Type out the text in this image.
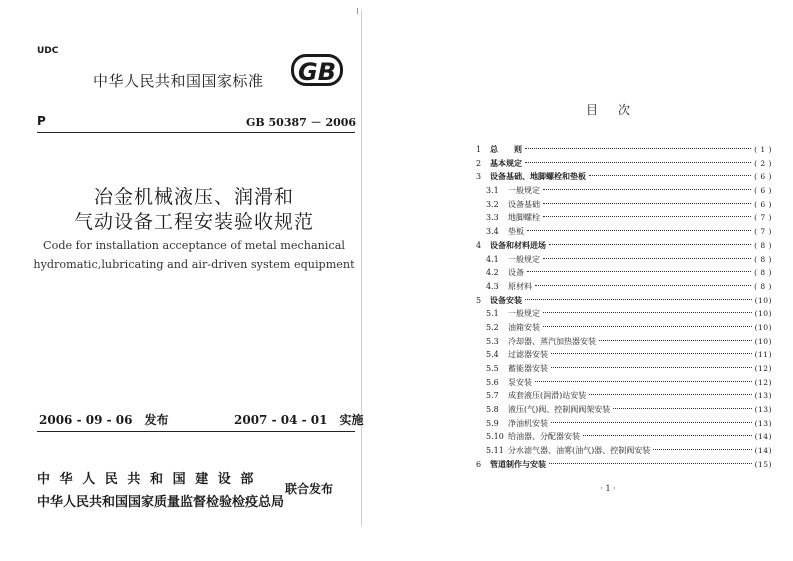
UDC
中华人民共和国国家标准 GB
P	GB 50387 － 2006
冶金机械液压、润滑和
气动设备工程安装验收规范
Code for installation acceptance of metal mechanical
hydromatic,lubricating and air-driven system equipment
2006 - 09 - 06　发布	2007 - 04 - 01　实施
中华人民共和国建设部
中华人民共和国国家质量监督检验检疫总局
联合发布
目次
1	总　　则	( 1 )
2	基本规定	( 2 )
3	设备基础、地脚螺栓和垫板	( 6 )
3.1	一般规定	( 6 )
3.2	设备基础	( 6 )
3.3	地脚螺栓	( 7 )
3.4	垫板	( 7 )
4	设备和材料进场	( 8 )
4.1	一般规定	( 8 )
4.2	设备	( 8 )
4.3	原材料	( 8 )
5	设备安装	(10)
5.1	一般规定	(10)
5.2	油箱安装	(10)
5.3	冷却器、蒸汽加热器安装	(10)
5.4	过滤器安装	(11)
5.5	蓄能器安装	(12)
5.6	泵安装	(12)
5.7	成套液压(润滑)站安装	(13)
5.8	液压(气)阀、控制阀阀架安装	(13)
5.9	净油机安装	(13)
5.10 给油器、分配器安装	(14)
5.11 分水滤气器、油雾(油气)器、控制阀安装	(14)
6	管道制作与安装	(15)
· 1 ·
